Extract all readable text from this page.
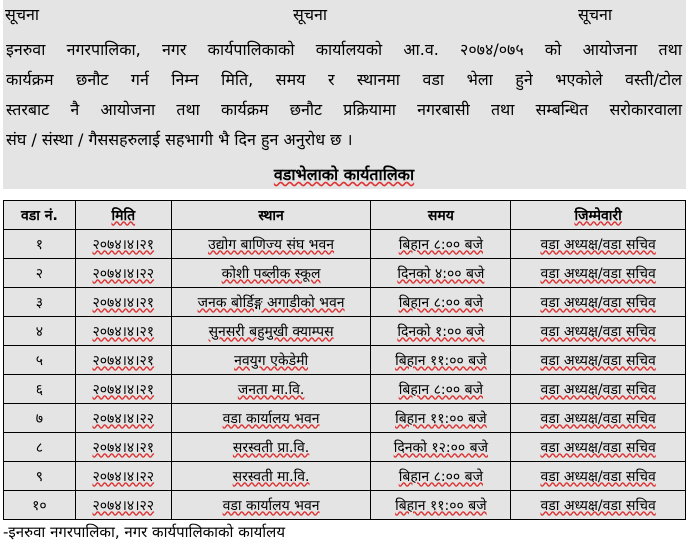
सूचना	सूचना	सूचना
इनरुवा नगरपालिका, नगर कार्यपालिकाको कार्यालयको आ.व. २०७४/०७५ को आयोजना तथा
कार्यक्रम छनौट गर्न निम्न मिति, समय र स्थानमा वडा भेला हुने भएकोले वस्ती/टोल
स्तरबाट नै आयोजना तथा कार्यक्रम छनौट प्रक्रियामा नगरबासी तथा सम्बन्धित सरोकारवाला
संघ / संस्था / गैससहरुलाई सहभागी भै दिन हुन अनुरोध छ ।
वडाभेलाको कार्यतालिका
वडा नं.	मिति	स्थान	समय	जिम्मेवारी
१	२०७४।४।२१	उद्योग बाणिज्य संघ भवन	बिहान ८:०० बजे	वडा अध्यक्ष/वडा सचिव
२	२०७४।४।२२	कोशी पब्लीक स्कूल	दिनको ४:०० बजे	वडा अध्यक्ष/वडा सचिव
३	२०७४।४।२१	जनक बोर्डिङ्ग अगाडीको भवन	बिहान ८:०० बजे	वडा अध्यक्ष/वडा सचिव
४	२०७४।४।२१	सुनसरी बहुमुखी क्याम्पस	दिनको १:०० बजे	वडा अध्यक्ष/वडा सचिव
५	२०७४।४।२१	नवयुग एकेडेमी	बिहान ११:०० बजे	वडा अध्यक्ष/वडा सचिव
६	२०७४।४।२१	जनता मा.वि.	बिहान ८:०० बजे	वडा अध्यक्ष/वडा सचिव
७	२०७४।४।२२	वडा कार्यालय भवन	बिहान ११:०० बजे	वडा अध्यक्ष/वडा सचिव
८	२०७४।४।२१	सरस्वती प्रा.वि.	दिनको १२:०० बजे	वडा अध्यक्ष/वडा सचिव
९	२०७४।४।२२	सरस्वती मा.वि.	बिहान ८:०० बजे	वडा अध्यक्ष/वडा सचिव
१०	२०७४।४।२२	वडा कार्यालय भवन	बिहान ११:०० बजे	वडा अध्यक्ष/वडा सचिव
-इनरुवा नगरपालिका, नगर कार्यपालिकाको कार्यालय
